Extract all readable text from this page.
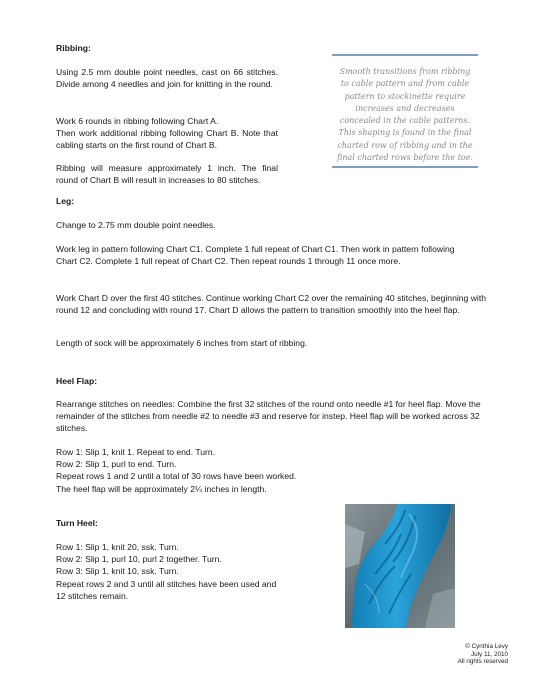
Ribbing:

Using 2.5 mm double point needles, cast on 66 stitches. Divide among 4 needles and join for knitting in the round.

Work 6 rounds in ribbing following Chart A.

Then work additional ribbing following Chart B. Note that cabling starts on the first round of Chart B.

Ribbing will measure approximately 1 inch. The final round of Chart B will result in increases to 80 stitches.

Smooth transitions from ribbing to cable pattern and from cable pattern to stockinette require increases and decreases concealed in the cable patterns. This shaping is found in the final charted row of ribbing and in the final charted rows before the toe.
Leg:

Change to 2.75 mm double point needles.

Work leg in pattern following Chart C1. Complete 1 full repeat of Chart C1. Then work in pattern following Chart C2. Complete 1 full repeat of Chart C2. Then repeat rounds 1 through 11 once more.

Work Chart D over the first 40 stitches. Continue working Chart C2 over the remaining 40 stitches, beginning with round 12 and concluding with round 17. Chart D allows the pattern to transition smoothly into the heel flap.

Length of sock will be approximately 6 inches from start of ribbing.

Heel Flap:

Rearrange stitches on needles: Combine the first 32 stitches of the round onto needle #1 for heel flap. Move the remainder of the stitches from needle #2 to needle #3 and reserve for instep. Heel flap will be worked across 32 stitches.

Row 1: Slip 1, knit 1. Repeat to end. Turn.
Row 2: Slip 1, purl to end. Turn.
Repeat rows 1 and 2 until a total of 30 rows have been worked.
The heel flap will be approximately 2¼ inches in length.
Turn Heel:
Row 1: Slip 1, knit 20, ssk. Turn.
Row 2: Slip 1, purl 10, purl 2 together. Turn.
Row 3: Slip 1, knit 10, ssk. Turn.
Repeat rows 2 and 3 until all stitches have been used and
12 stitches remain.
© Cynthia Levy
July 11, 2010
All rights reserved
